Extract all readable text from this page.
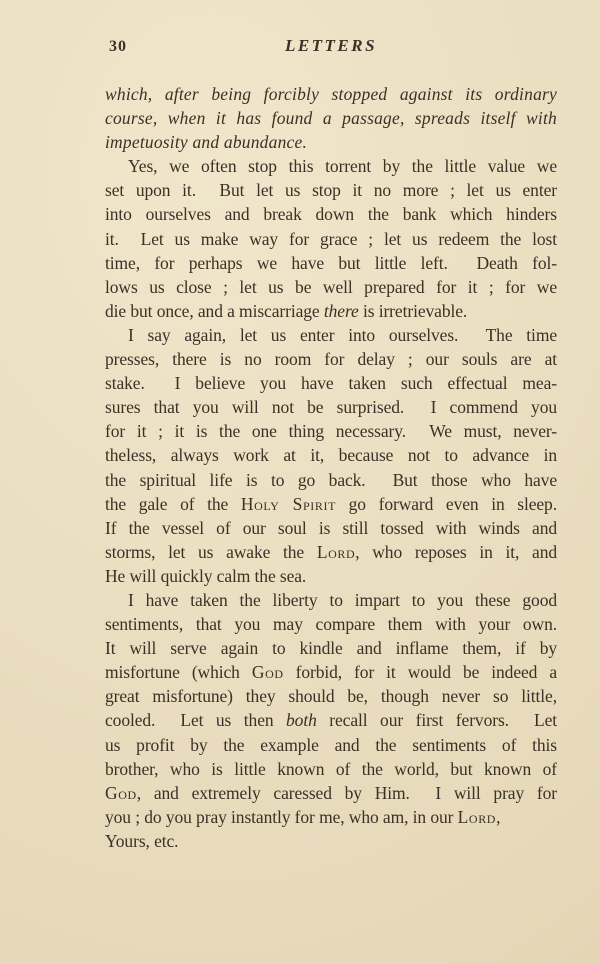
30	LETTERS
which, after being forcibly stopped against its ordinary
course, when it has found a passage, spreads itself with
impetuosity and abundance.
Yes, we often stop this torrent by the little value we
set upon it.  But let us stop it no more ; let us enter
into ourselves and break down the bank which hinders
it.  Let us make way for grace ; let us redeem the lost
time, for perhaps we have but little left.  Death fol-
lows us close ; let us be well prepared for it ; for we
die but once, and a miscarriage there is irretrievable.
I say again, let us enter into ourselves.  The time
presses, there is no room for delay ; our souls are at
stake.  I believe you have taken such effectual mea-
sures that you will not be surprised.  I commend you
for it ; it is the one thing necessary.  We must, never-
theless, always work at it, because not to advance in
the spiritual life is to go back.  But those who have
the gale of the Holy Spirit go forward even in sleep.
If the vessel of our soul is still tossed with winds and
storms, let us awake the Lord, who reposes in it, and
He will quickly calm the sea.
I have taken the liberty to impart to you these good
sentiments, that you may compare them with your own.
It will serve again to kindle and inflame them, if by
misfortune (which God forbid, for it would be indeed a
great misfortune) they should be, though never so little,
cooled.  Let us then both recall our first fervors.  Let
us profit by the example and the sentiments of this
brother, who is little known of the world, but known of
God, and extremely caressed by Him.  I will pray for
you ; do you pray instantly for me, who am, in our Lord,
Yours, etc.
